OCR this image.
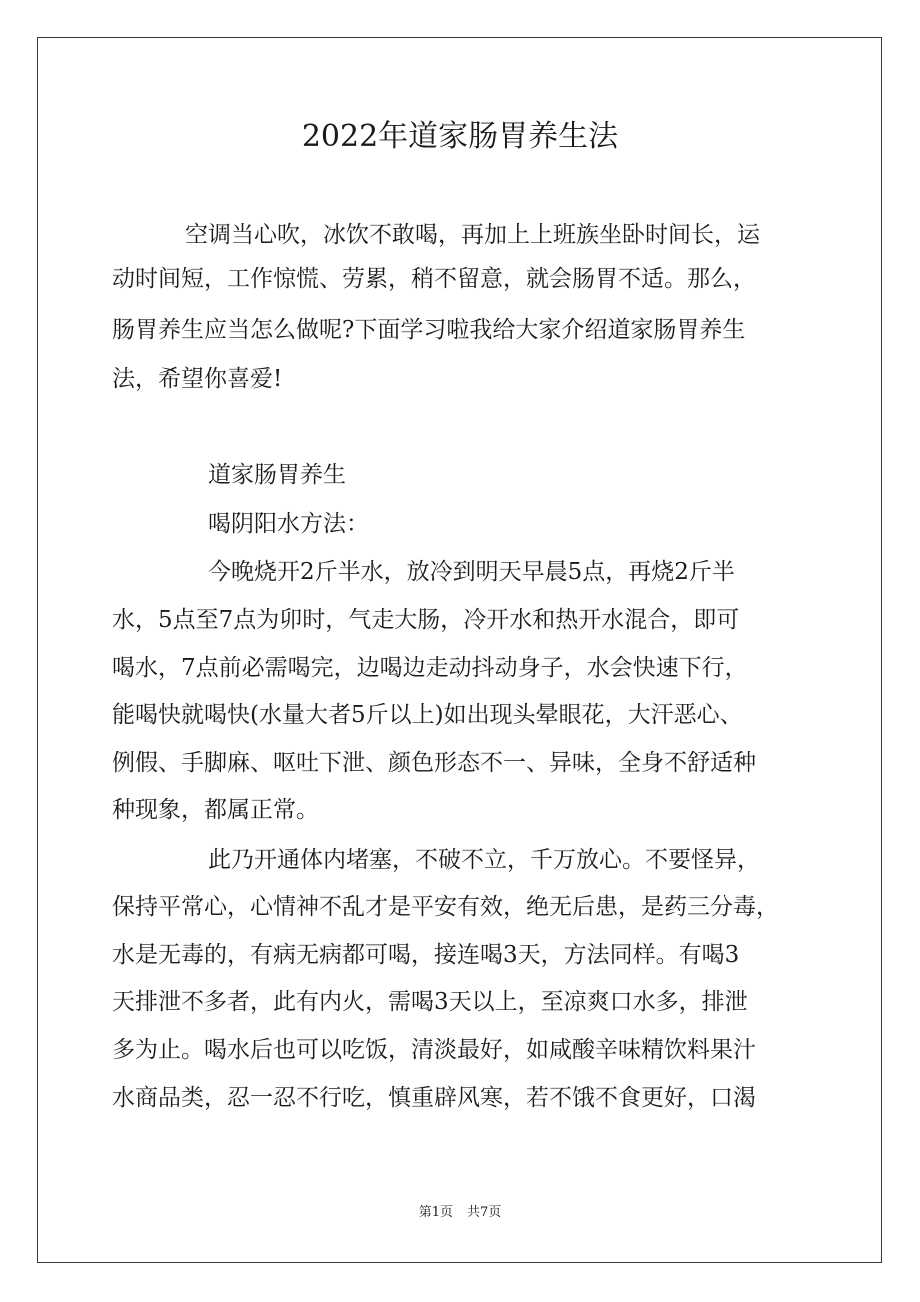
2022年道家肠胃养生法

空调当心吹，冰饮不敢喝，再加上上班族坐卧时间长，运

动时间短，工作惊慌、劳累，稍不留意，就会肠胃不适。那么，

肠胃养生应当怎么做呢?下面学习啦我给大家介绍道家肠胃养生

法，希望你喜爱!

道家肠胃养生

喝阴阳水方法：

今晚烧开2斤半水，放冷到明天早晨5点，再烧2斤半

水，5点至7点为卯时，气走大肠，冷开水和热开水混合，即可

喝水，7点前必需喝完，边喝边走动抖动身子，水会快速下行，

能喝快就喝快(水量大者5斤以上)如出现头晕眼花，大汗恶心、

例假、手脚麻、呕吐下泄、颜色形态不一、异味，全身不舒适种

种现象，都属正常。

此乃开通体内堵塞，不破不立，千万放心。不要怪异，

保持平常心，心情神不乱才是平安有效，绝无后患，是药三分毒，

水是无毒的，有病无病都可喝，接连喝3天，方法同样。有喝3

天排泄不多者，此有内火，需喝3天以上，至凉爽口水多，排泄

多为止。喝水后也可以吃饭，清淡最好，如咸酸辛味精饮料果汁

水商品类，忍一忍不行吃，慎重辟风寒，若不饿不食更好，口渴

第1页 共7页
